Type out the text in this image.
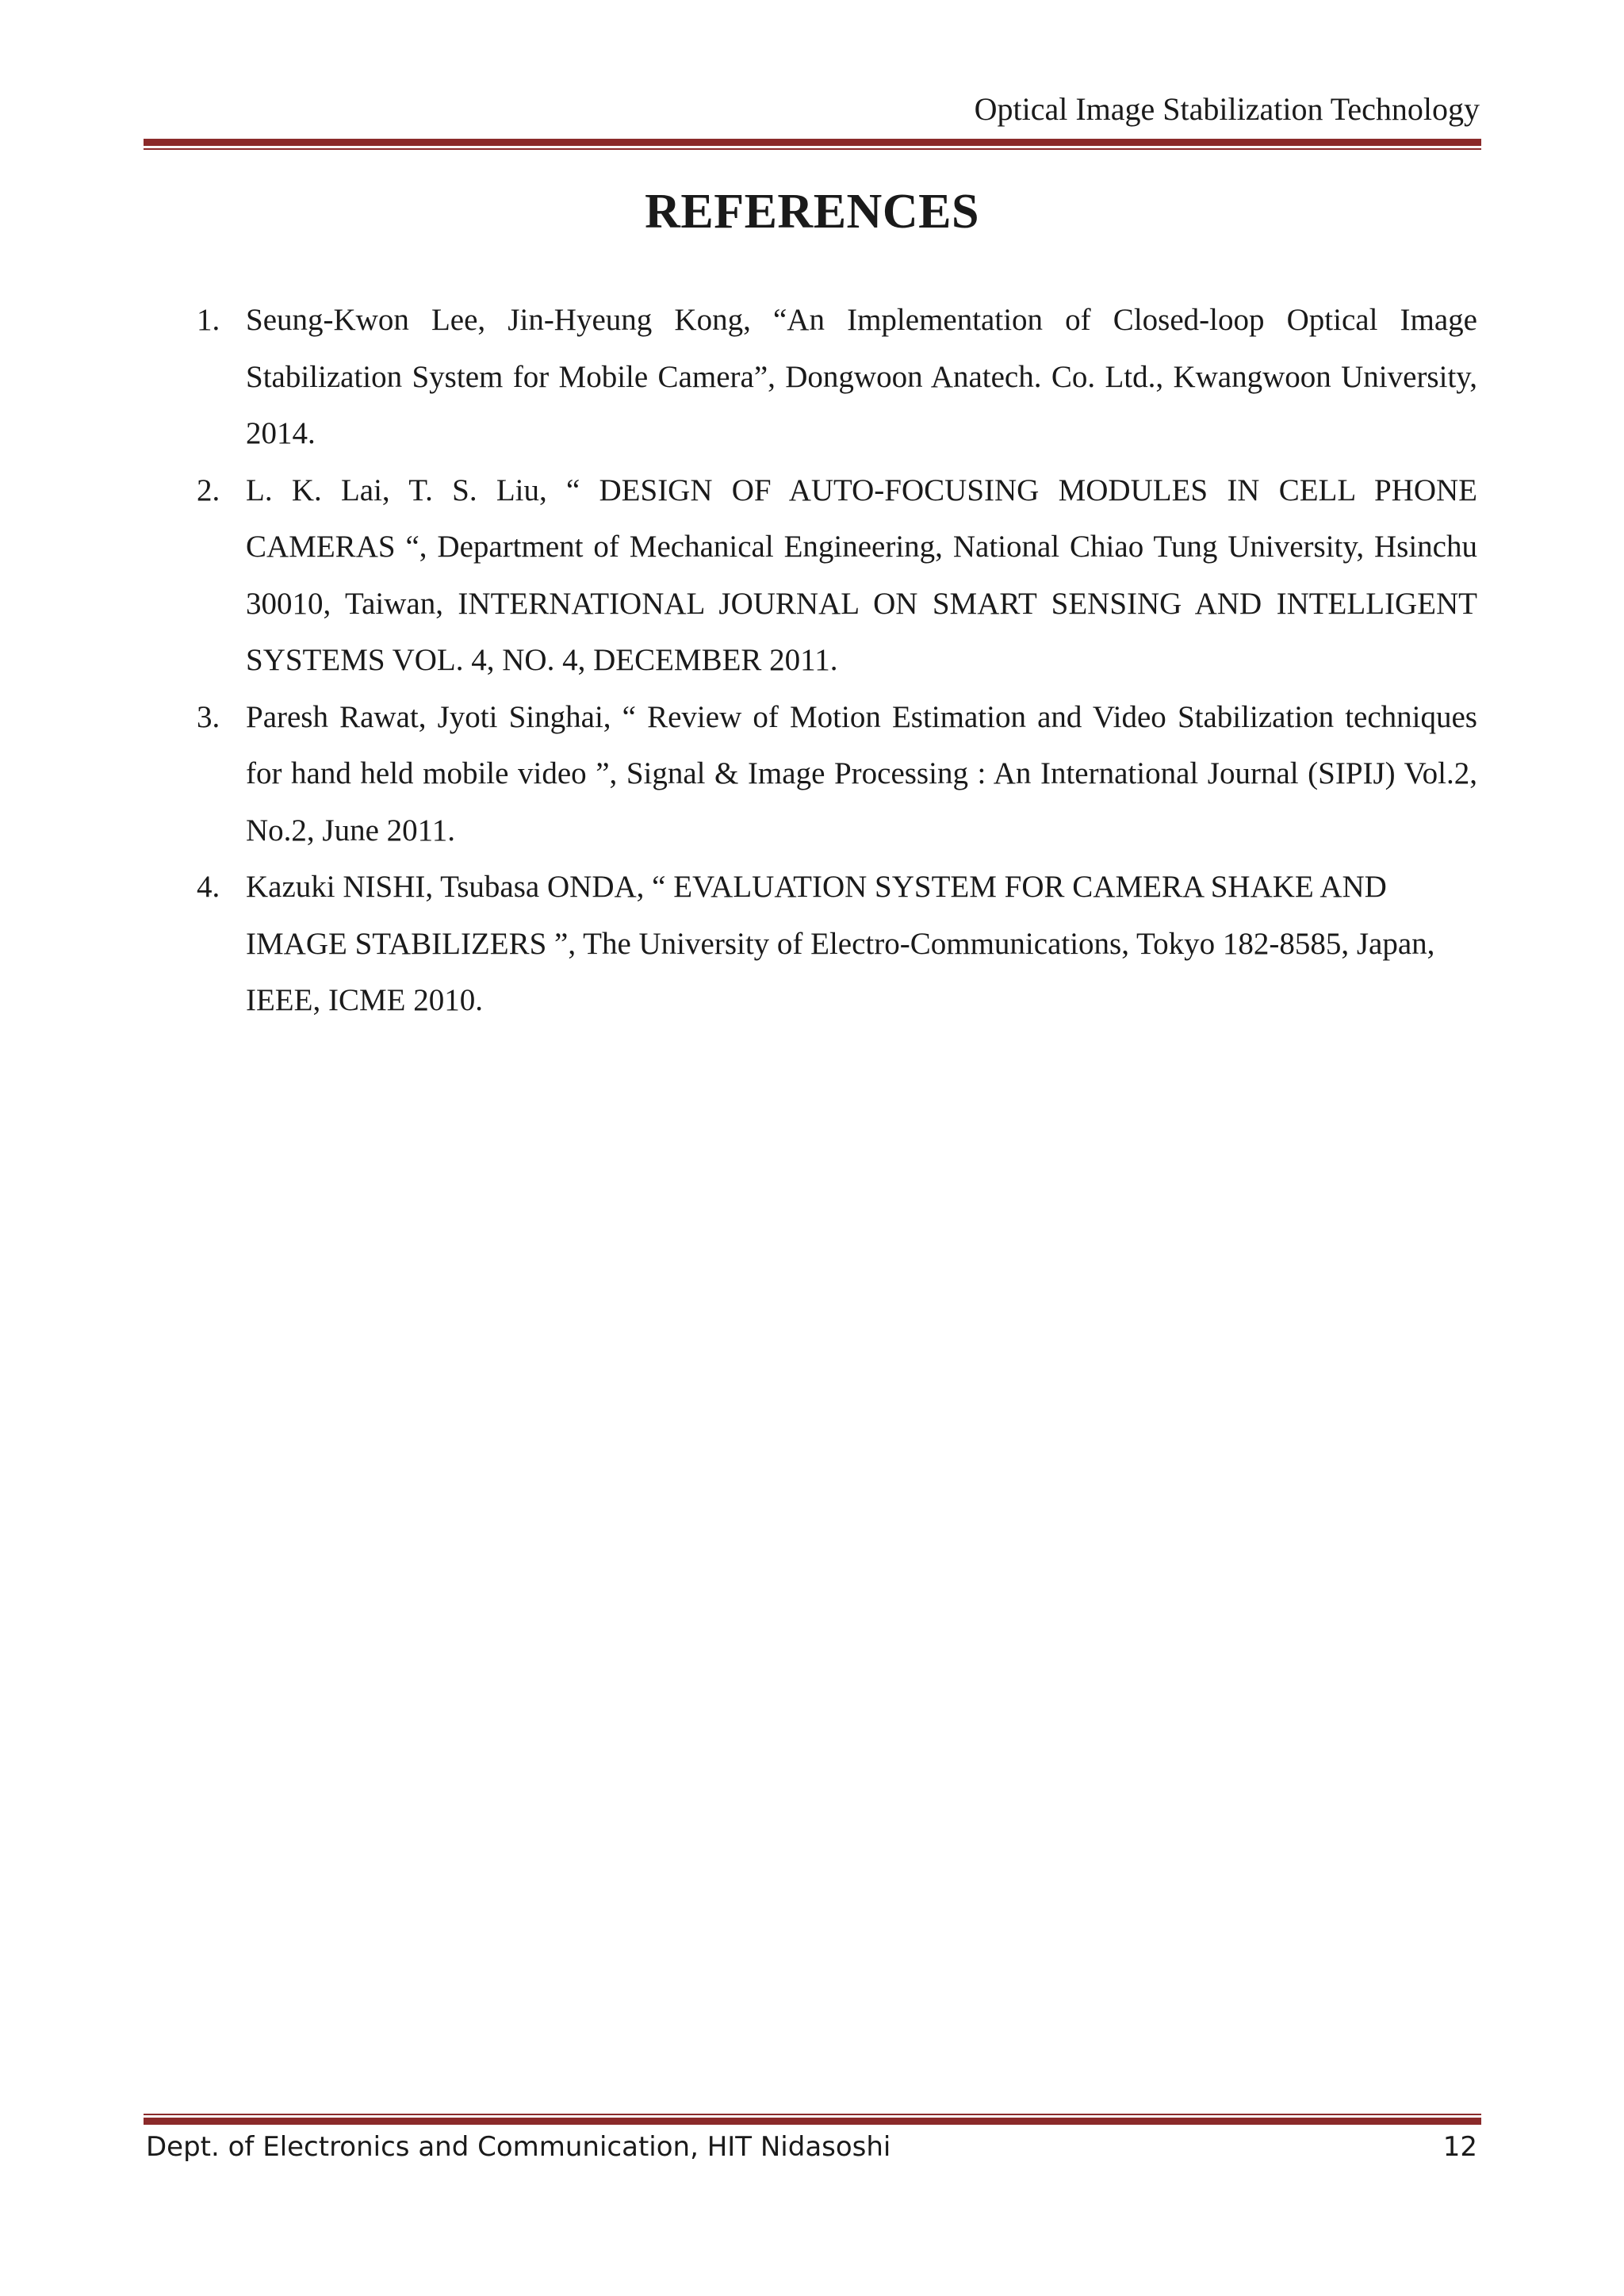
Optical Image Stabilization Technology
REFERENCES
1. Seung-Kwon Lee, Jin-Hyeung Kong, “An Implementation of Closed-loop Optical Image Stabilization System for Mobile Camera”, Dongwoon Anatech. Co. Ltd., Kwangwoon University, 2014.
2. L. K. Lai, T. S. Liu, “ DESIGN OF AUTO-FOCUSING MODULES IN CELL PHONE CAMERAS “, Department of Mechanical Engineering, National Chiao Tung University, Hsinchu 30010, Taiwan, INTERNATIONAL JOURNAL ON SMART SENSING AND INTELLIGENT SYSTEMS VOL. 4, NO. 4, DECEMBER 2011.
3. Paresh Rawat, Jyoti Singhai, “ Review of Motion Estimation and Video Stabilization techniques for hand held mobile video ”, Signal & Image Processing : An International Journal (SIPIJ) Vol.2, No.2, June 2011.
4. Kazuki NISHI, Tsubasa ONDA, “ EVALUATION SYSTEM FOR CAMERA SHAKE AND IMAGE STABILIZERS ”, The University of Electro-Communications, Tokyo 182-8585, Japan, IEEE, ICME 2010.
Dept. of Electronics and Communication, HIT Nidasoshi	12
